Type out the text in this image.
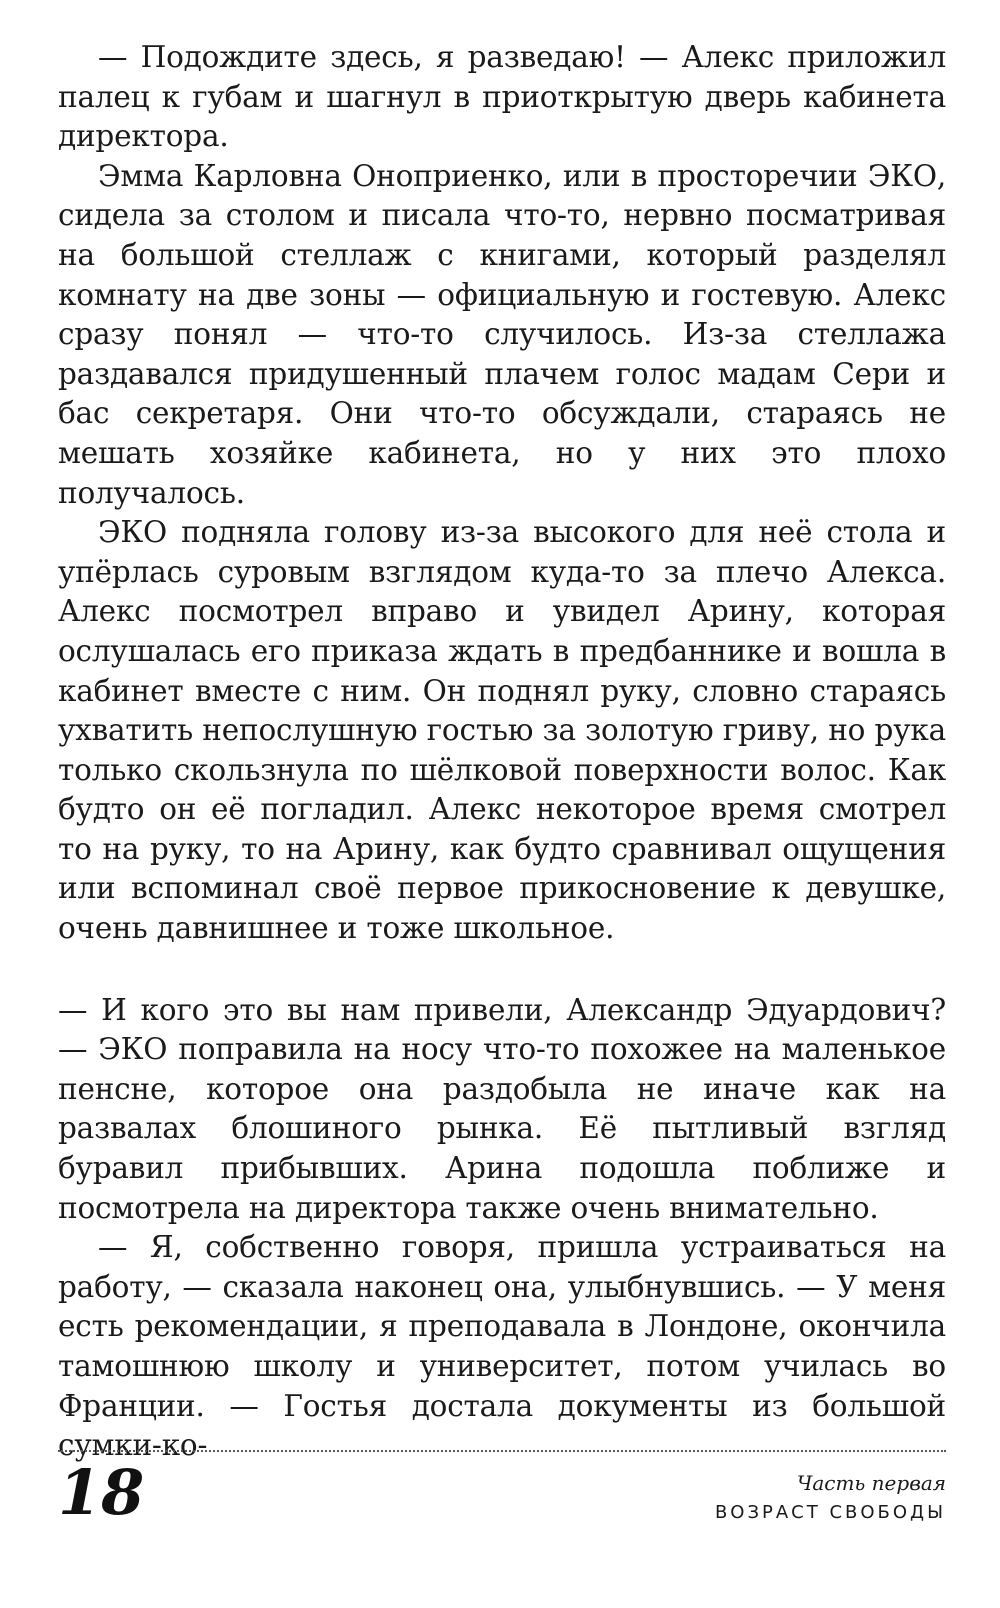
— Подождите здесь, я разведаю! — Алекс приложил палец к губам и шагнул в приоткрытую дверь кабинета директора.

Эмма Карловна Оноприенко, или в просторечии ЭКО, сидела за столом и писала что-то, нервно посматривая на большой стеллаж с книгами, который разделял комнату на две зоны — официальную и гостевую. Алекс сразу понял — что-то случилось. Из-за стеллажа раздавался придушенный плачем голос мадам Сери и бас секретаря. Они что-то обсуждали, стараясь не мешать хозяйке кабинета, но у них это плохо получалось.

ЭКО подняла голову из-за высокого для неё стола и упёрлась суровым взглядом куда-то за плечо Алекса. Алекс посмотрел вправо и увидел Арину, которая ослушалась его приказа ждать в предбаннике и вошла в кабинет вместе с ним. Он поднял руку, словно стараясь ухватить непослушную гостью за золотую гриву, но рука только скользнула по шёлковой поверхности волос. Как будто он её погладил. Алекс некоторое время смотрел то на руку, то на Арину, как будто сравнивал ощущения или вспоминал своё первое прикосновение к девушке, очень давнишнее и тоже школьное.

— И кого это вы нам привели, Александр Эдуардович? — ЭКО поправила на носу что-то похожее на маленькое пенсне, которое она раздобыла не иначе как на развалах блошиного рынка. Её пытливый взгляд буравил прибывших. Арина подошла поближе и посмотрела на директора также очень внимательно.

— Я, собственно говоря, пришла устраиваться на работу, — сказала наконец она, улыбнувшись. — У меня есть рекомендации, я преподавала в Лондоне, окончила тамошнюю школу и университет, потом училась во Франции. — Гостья достала документы из большой сумки-ко-

18	Часть первая
ВОЗРАСТ СВОБОДЫ
